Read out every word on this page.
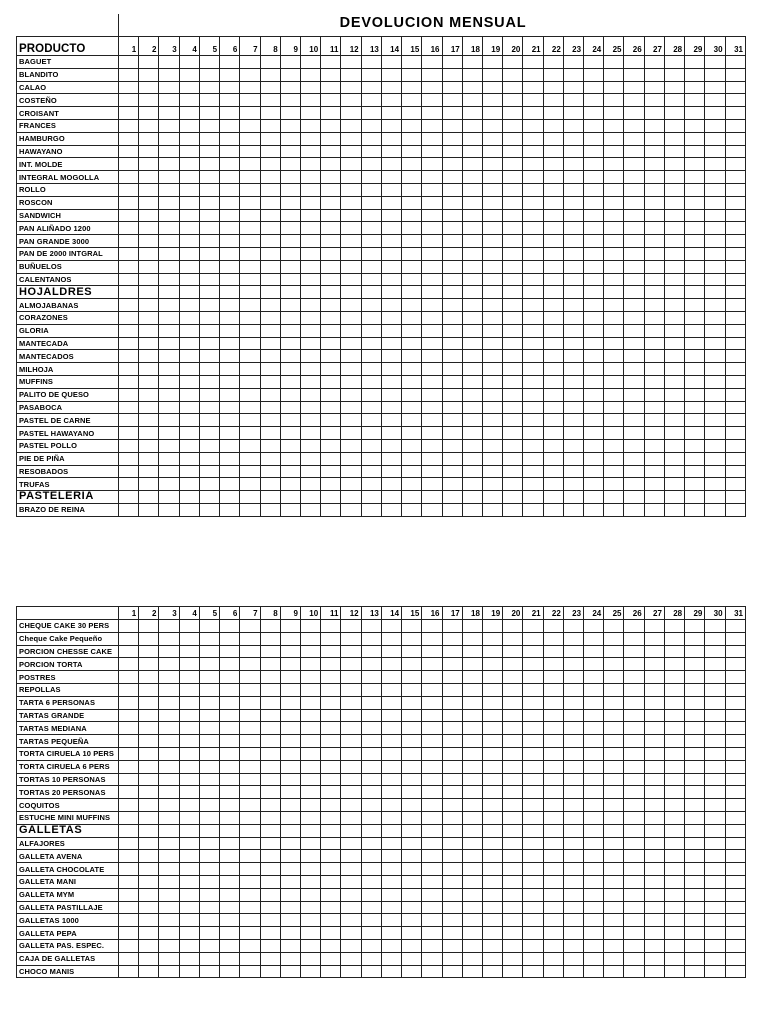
DEVOLUCION MENSUAL
PRODUCTO	1	2	3	4	5	6	7	8	9	10	11	12	13	14	15	16	17	18	19	20	21	22	23	24	25	26	27	28	29	30	31
BAGUET																															
BLANDITO																															
CALAO																															
COSTEÑO																															
CROISANT																															
FRANCES																															
HAMBURGO																															
HAWAYANO																															
INT. MOLDE																															
INTEGRAL MOGOLLA																															
ROLLO																															
ROSCON																															
SANDWICH																															
PAN ALIÑADO 1200																															
PAN GRANDE 3000																															
PAN DE 2000 INTGRAL																															
BUÑUELOS																															
CALENTANOS																															
HOJALDRES																															
ALMOJABANAS																															
CORAZONES																															
GLORIA																															
MANTECADA																															
MANTECADOS																															
MILHOJA																															
MUFFINS																															
PALITO DE QUESO																															
PASABOCA																															
PASTEL DE CARNE																															
PASTEL HAWAYANO																															
PASTEL POLLO																															
PIE DE PIÑA																															
RESOBADOS																															
TRUFAS																															
PASTELERIA																															
BRAZO DE REINA																															
	1	2	3	4	5	6	7	8	9	10	11	12	13	14	15	16	17	18	19	20	21	22	23	24	25	26	27	28	29	30	31
CHEQUE CAKE 30 PERS																															
Cheque Cake Pequeño																															
PORCION CHESSE CAKE																															
PORCION TORTA																															
POSTRES																															
REPOLLAS																															
TARTA 6 PERSONAS																															
TARTAS GRANDE																															
TARTAS MEDIANA																															
TARTAS PEQUEÑA																															
TORTA CIRUELA 10 PERS																															
TORTA CIRUELA 6 PERS																															
TORTAS 10 PERSONAS																															
TORTAS 20 PERSONAS																															
COQUITOS																															
ESTUCHE MINI MUFFINS																															
GALLETAS																															
ALFAJORES																															
GALLETA AVENA																															
GALLETA CHOCOLATE																															
GALLETA MANI																															
GALLETA MYM																															
GALLETA PASTILLAJE																															
GALLETAS 1000																															
GALLETA PEPA																															
GALLETA PAS. ESPEC.																															
CAJA DE GALLETAS																															
CHOCO MANIS																															
